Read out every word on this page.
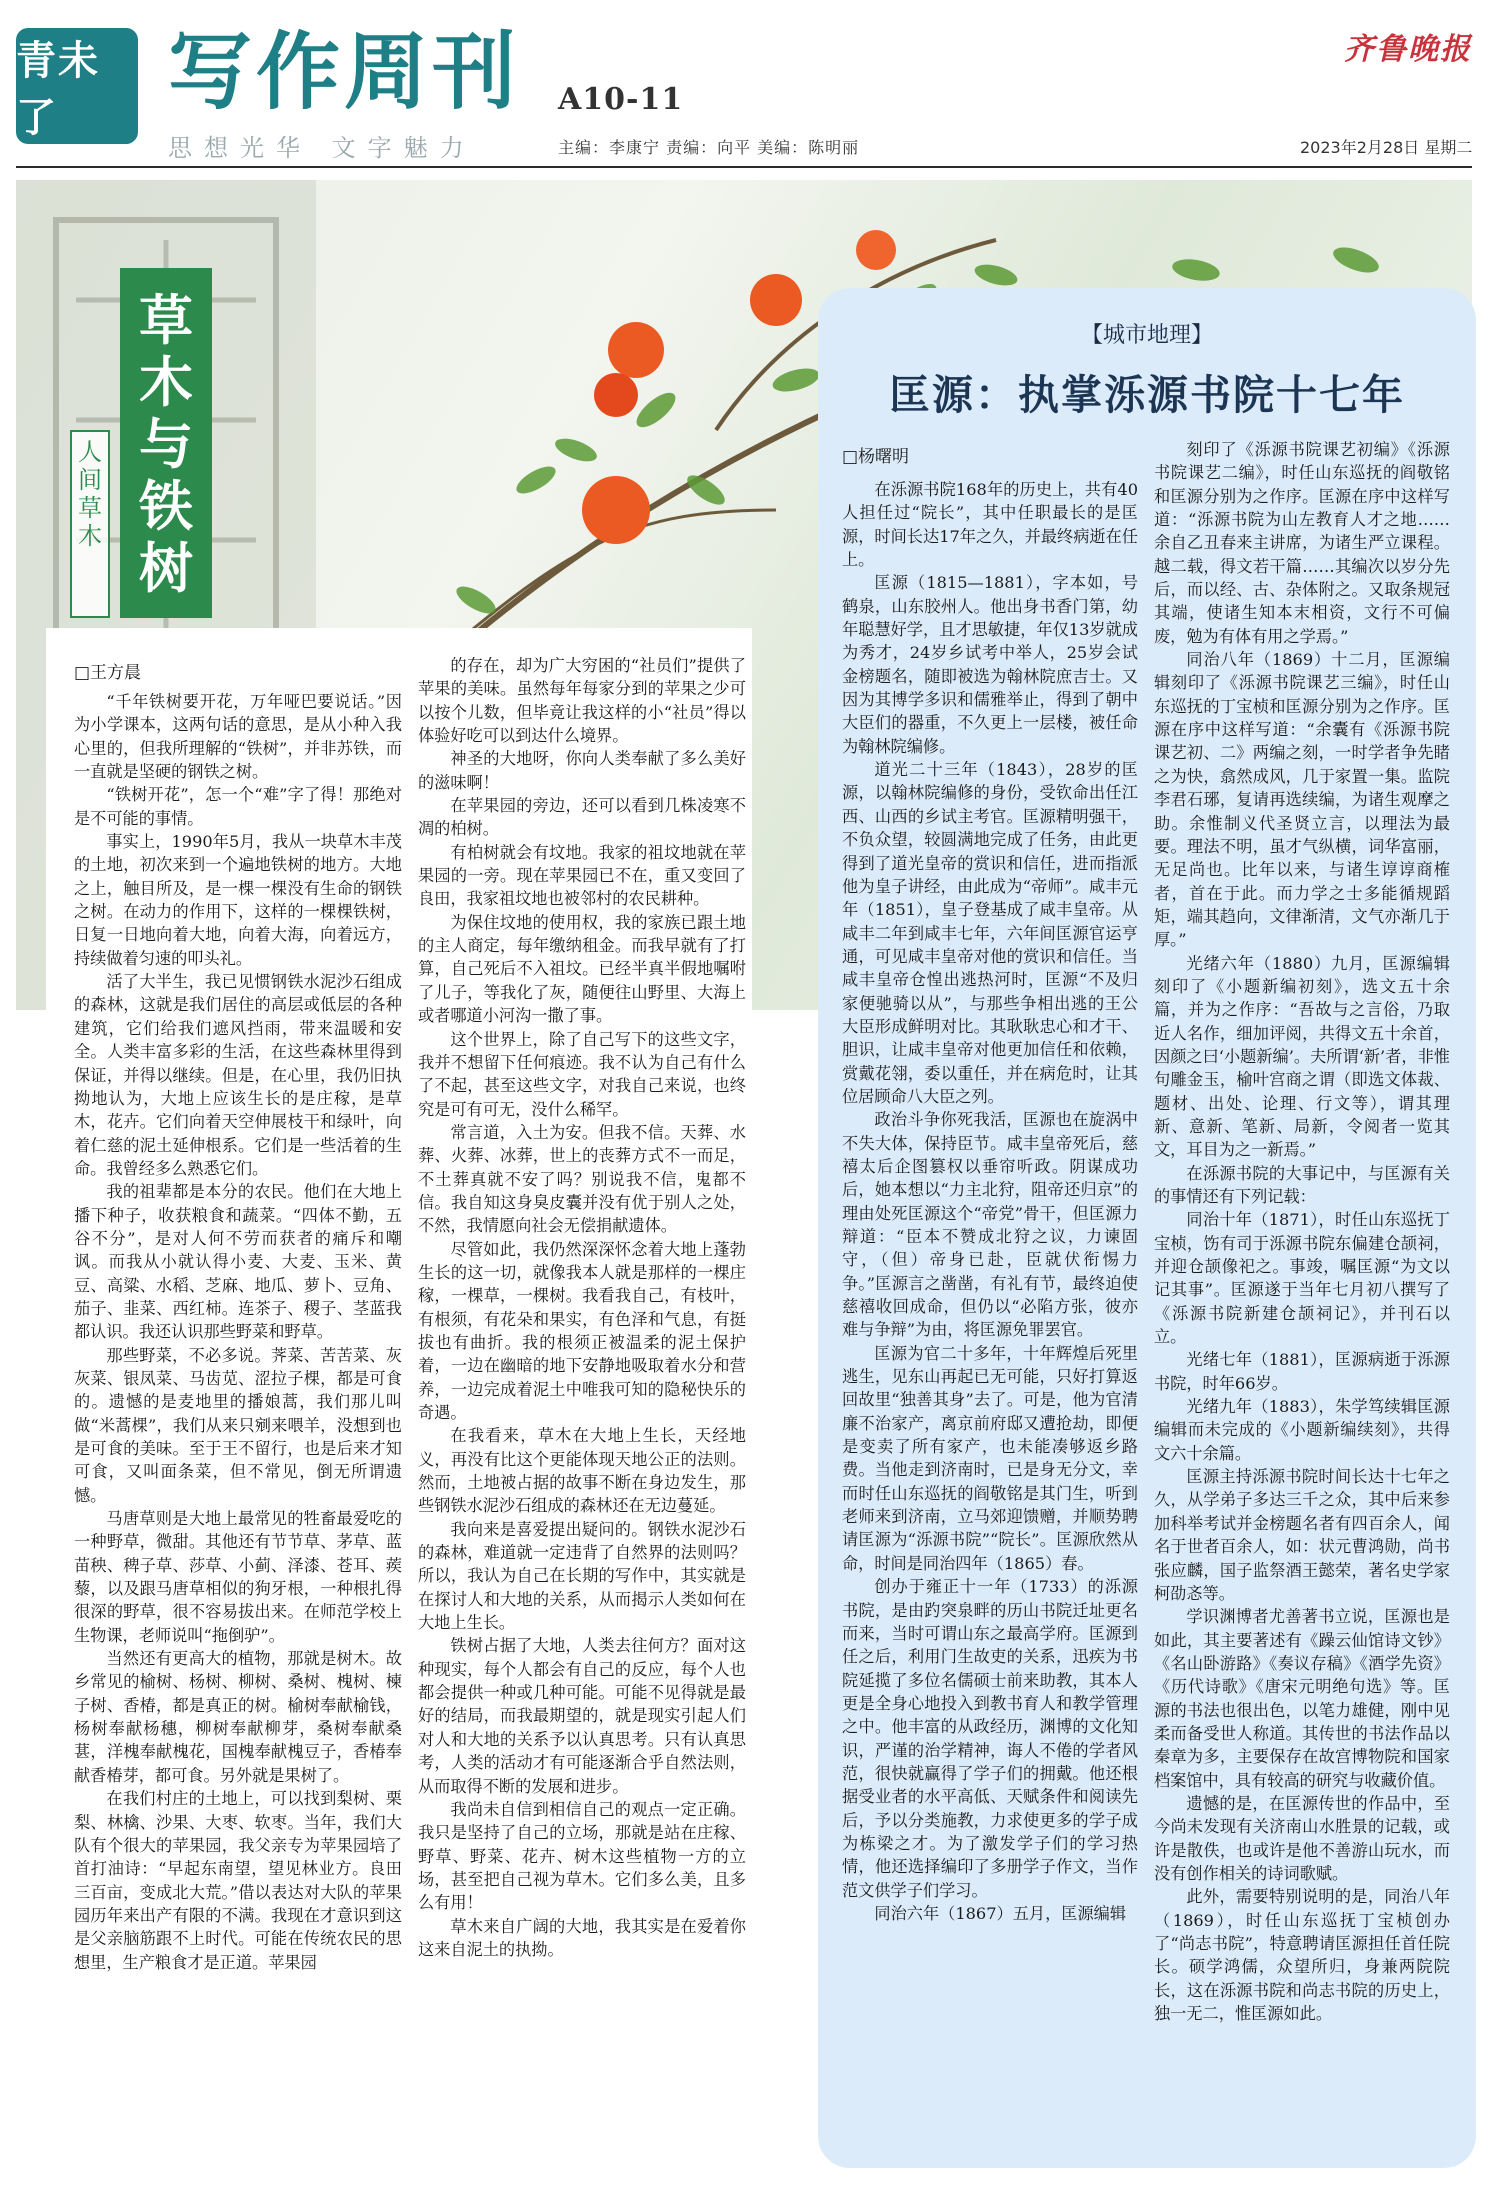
青未了	写作周刊 A10-11
思想光华 文字魅力	主编：李康宁 责编：向平 美编：陈明丽
齐鲁晚报
2023年2月28日 星期二
草木
与铁树
人
间
草
木
□王方晨

“千年铁树要开花，万年哑巴要说话。”因为小学课本，这两句话的意思，是从小种入我心里的，但我所理解的“铁树”，并非苏铁，而一直就是坚硬的钢铁之树。

“铁树开花”，怎一个“难”字了得！那绝对是不可能的事情。

事实上，1990年5月，我从一块草木丰茂的土地，初次来到一个遍地铁树的地方。大地之上，触目所及，是一棵一棵没有生命的钢铁之树。在动力的作用下，这样的一棵棵铁树，日复一日地向着大地，向着大海，向着远方，持续做着匀速的叩头礼。

活了大半生，我已见惯钢铁水泥沙石组成的森林，这就是我们居住的高层或低层的各种建筑，它们给我们遮风挡雨，带来温暖和安全。人类丰富多彩的生活，在这些森林里得到保证，并得以继续。但是，在心里，我仍旧执拗地认为，大地上应该生长的是庄稼，是草木，花卉。它们向着天空伸展枝干和绿叶，向着仁慈的泥土延伸根系。它们是一些活着的生命。我曾经多么熟悉它们。

我的祖辈都是本分的农民。他们在大地上播下种子，收获粮食和蔬菜。“四体不勤，五谷不分”，是对人何不劳而获者的痛斥和嘲讽。而我从小就认得小麦、大麦、玉米、黄豆、高粱、水稻、芝麻、地瓜、萝卜、豆角、茄子、韭菜、西红柿。连茶子、稷子、茎蓝我都认识。我还认识那些野菜和野草。

那些野菜，不必多说。荠菜、苦苦菜、灰灰菜、银凤菜、马齿苋、涩拉子棵，都是可食的。遗憾的是麦地里的播娘蒿，我们那儿叫做“米蒿棵”，我们从来只剜来喂羊，没想到也是可食的美味。至于王不留行，也是后来才知可食，又叫面条菜，但不常见，倒无所谓遗憾。

马唐草则是大地上最常见的牲畜最爱吃的一种野草，微甜。其他还有节节草、茅草、蓝苗秧、稗子草、莎草、小蓟、泽漆、苍耳、蒺藜，以及跟马唐草相似的狗牙根，一种根扎得很深的野草，很不容易拔出来。在师范学校上生物课，老师说叫“拖倒驴”。

当然还有更高大的植物，那就是树木。故乡常见的榆树、杨树、柳树、桑树、槐树、楝子树、香椿，都是真正的树。榆树奉献榆钱，杨树奉献杨穗，柳树奉献柳芽，桑树奉献桑葚，洋槐奉献槐花，国槐奉献槐豆子，香椿奉献香椿芽，都可食。另外就是果树了。

在我们村庄的土地上，可以找到梨树、栗梨、林檎、沙果、大枣、软枣。当年，我们大队有个很大的苹果园，我父亲专为苹果园培了首打油诗：“早起东南望，望见林业方。良田三百亩，变成北大荒。”借以表达对大队的苹果园历年来出产有限的不满。我现在才意识到这是父亲脑筋跟不上时代。可能在传统农民的思想里，生产粮食才是正道。苹果园

的存在，却为广大穷困的“社员们”提供了苹果的美味。虽然每年每家分到的苹果之少可以按个儿数，但毕竟让我这样的小“社员”得以体验好吃可以到达什么境界。

神圣的大地呀，你向人类奉献了多么美好的滋味啊！

在苹果园的旁边，还可以看到几株凌寒不凋的柏树。

有柏树就会有坟地。我家的祖坟地就在苹果园的一旁。现在苹果园已不在，重又变回了良田，我家祖坟地也被邻村的农民耕种。

为保住坟地的使用权，我的家族已跟土地的主人商定，每年缴纳租金。而我早就有了打算，自己死后不入祖坟。已经半真半假地嘱咐了儿子，等我化了灰，随便往山野里、大海上或者哪道小河沟一撒了事。

这个世界上，除了自己写下的这些文字，我并不想留下任何痕迹。我不认为自己有什么了不起，甚至这些文字，对我自己来说，也终究是可有可无，没什么稀罕。

常言道，入土为安。但我不信。天葬、水葬、火葬、冰葬，世上的丧葬方式不一而足，不土葬真就不安了吗？别说我不信，鬼都不信。我自知这身臭皮囊并没有优于别人之处，不然，我情愿向社会无偿捐献遗体。

尽管如此，我仍然深深怀念着大地上蓬勃生长的这一切，就像我本人就是那样的一棵庄稼，一棵草，一棵树。我看我自己，有枝叶，有根须，有花朵和果实，有色泽和气息，有挺拔也有曲折。我的根须正被温柔的泥土保护着，一边在幽暗的地下安静地吸取着水分和营养，一边完成着泥土中唯我可知的隐秘快乐的奇遇。

在我看来，草木在大地上生长，天经地义，再没有比这个更能体现天地公正的法则。然而，土地被占据的故事不断在身边发生，那些钢铁水泥沙石组成的森林还在无边蔓延。

我向来是喜爱提出疑问的。钢铁水泥沙石的森林，难道就一定违背了自然界的法则吗？所以，我认为自己在长期的写作中，其实就是在探讨人和大地的关系，从而揭示人类如何在大地上生长。

铁树占据了大地，人类去往何方？面对这种现实，每个人都会有自己的反应，每个人也都会提供一种或几种可能。可能不见得就是最好的结局，而我最期望的，就是现实引起人们对人和大地的关系予以认真思考。只有认真思考，人类的活动才有可能逐渐合乎自然法则，从而取得不断的发展和进步。

我尚未自信到相信自己的观点一定正确。我只是坚持了自己的立场，那就是站在庄稼、野草、野菜、花卉、树木这些植物一方的立场，甚至把自己视为草木。它们多么美，且多么有用！

草木来自广阔的大地，我其实是在爱着你这来自泥土的执拗。

【城市地理】
匡源：执掌泺源书院十七年
□杨曙明

在泺源书院168年的历史上，共有40人担任过“院长”，其中任职最长的是匡源，时间长达17年之久，并最终病逝在任上。

匡源（1815—1881），字本如，号鹤泉，山东胶州人。他出身书香门第，幼年聪慧好学，且才思敏捷，年仅13岁就成为秀才，24岁乡试考中举人，25岁会试金榜题名，随即被选为翰林院庶吉士。又因为其博学多识和儒雅举止，得到了朝中大臣们的器重，不久更上一层楼，被任命为翰林院编修。

道光二十三年（1843），28岁的匡源，以翰林院编修的身份，受钦命出任江西、山西的乡试主考官。匡源精明强干，不负众望，较圆满地完成了任务，由此更得到了道光皇帝的赏识和信任，进而指派他为皇子讲经，由此成为“帝师”。咸丰元年（1851），皇子登基成了咸丰皇帝。从咸丰二年到咸丰七年，六年间匡源官运亨通，可见咸丰皇帝对他的赏识和信任。当咸丰皇帝仓惶出逃热河时，匡源“不及归家便驰骑以从”，与那些争相出逃的王公大臣形成鲜明对比。其耿耿忠心和才干、胆识，让咸丰皇帝对他更加信任和依赖，赏戴花翎，委以重任，并在病危时，让其位居顾命八大臣之列。

政治斗争你死我活，匡源也在旋涡中不失大体，保持臣节。咸丰皇帝死后，慈禧太后企图篡权以垂帘听政。阴谋成功后，她本想以“力主北狩，阻帝还归京”的理由处死匡源这个“帝党”骨干，但匡源力辩道：“臣本不赞成北狩之议，力谏固守，（但）帝身已赴，臣就伏衔惕力争。”匡源言之凿凿，有礼有节，最终迫使慈禧收回成命，但仍以“必陷方张，彼亦难与争辩”为由，将匡源免罪罢官。

匡源为官二十多年，十年辉煌后死里逃生，见东山再起已无可能，只好打算返回故里“独善其身”去了。可是，他为官清廉不治家产，离京前府邸又遭抢劫，即便是变卖了所有家产，也未能凑够返乡路费。当他走到济南时，已是身无分文，幸而时任山东巡抚的阎敬铭是其门生，听到老师来到济南，立马郊迎馈赠，并顺势聘请匡源为“泺源书院”“院长”。匡源欣然从命，时间是同治四年（1865）春。

创办于雍正十一年（1733）的泺源书院，是由趵突泉畔的历山书院迁址更名而来，当时可谓山东之最高学府。匡源到任之后，利用门生故吏的关系，迅疾为书院延揽了多位名儒硕士前来助教，其本人更是全身心地投入到教书育人和教学管理之中。他丰富的从政经历，渊博的文化知识，严谨的治学精神，诲人不倦的学者风范，很快就赢得了学子们的拥戴。他还根据受业者的水平高低、天赋条件和阅读先后，予以分类施教，力求使更多的学子成为栋梁之才。为了激发学子们的学习热情，他还选择编印了多册学子作文，当作范文供学子们学习。

同治六年（1867）五月，匡源编辑

刻印了《泺源书院课艺初编》《泺源书院课艺二编》，时任山东巡抚的阎敬铭和匡源分别为之作序。匡源在序中这样写道：“泺源书院为山左教育人才之地……余自乙丑春来主讲席，为诸生严立课程。越二载，得文若干篇……其编次以岁分先后，而以经、古、杂体附之。又取条规冠其端，使诸生知本末相资，文行不可偏废，勉为有体有用之学焉。”

同治八年（1869）十二月，匡源编辑刻印了《泺源书院课艺三编》，时任山东巡抚的丁宝桢和匡源分别为之作序。匡源在序中这样写道：“余囊有《泺源书院课艺初、二》两编之刻，一时学者争先睹之为快，翕然成风，几于家置一集。监院李君石琊，复请再选续编，为诸生观摩之助。余惟制义代圣贤立言，以理法为最要。理法不明，虽才气纵横，词华富丽，无足尚也。比年以来，与诸生谆谆商榷者，首在于此。而力学之士多能循规蹈矩，端其趋向，文律渐清，文气亦渐几于厚。”

光绪六年（1880）九月，匡源编辑刻印了《小题新编初刻》，选文五十余篇，并为之作序：“吾故与之言俗，乃取近人名作，细加评阅，共得文五十余首，因颜之曰‘小题新编’。夫所谓‘新’者，非惟句雕金玉，榆叶宫商之谓（即选文体裁、题材、出处、论理、行文等），谓其理新、意新、笔新、局新，令阅者一览其文，耳目为之一新焉。”

在泺源书院的大事记中，与匡源有关的事情还有下列记载：

同治十年（1871），时任山东巡抚丁宝桢，饬有司于泺源书院东偏建仓颉祠，并迎仓颉像祀之。事竣，嘱匡源“为文以记其事”。匡源遂于当年七月初八撰写了《泺源书院新建仓颉祠记》，并刊石以立。

光绪七年（1881），匡源病逝于泺源书院，时年66岁。

光绪九年（1883），朱学笃续辑匡源编辑而未完成的《小题新编续刻》，共得文六十余篇。

匡源主持泺源书院时间长达十七年之久，从学弟子多达三千之众，其中后来参加科举考试并金榜题名者有四百余人，闻名于世者百余人，如：状元曹鸿勋，尚书张应麟，国子监祭酒王懿荣，著名史学家柯劭忞等。

学识渊博者尤善著书立说，匡源也是如此，其主要著述有《躁云仙馆诗文钞》《名山卧游路》《奏议存稿》《酒学先资》《历代诗歌》《唐宋元明绝句选》等。匡源的书法也很出色，以笔力雄健，刚中见柔而备受世人称道。其传世的书法作品以秦章为多，主要保存在故宫博物院和国家档案馆中，具有较高的研究与收藏价值。

遗憾的是，在匡源传世的作品中，至今尚未发现有关济南山水胜景的记载，或许是散佚，也或许是他不善游山玩水，而没有创作相关的诗词歌赋。

此外，需要特别说明的是，同治八年（1869），时任山东巡抚丁宝桢创办了“尚志书院”，特意聘请匡源担任首任院长。硕学鸿儒，众望所归，身兼两院院长，这在泺源书院和尚志书院的历史上，独一无二，惟匡源如此。
